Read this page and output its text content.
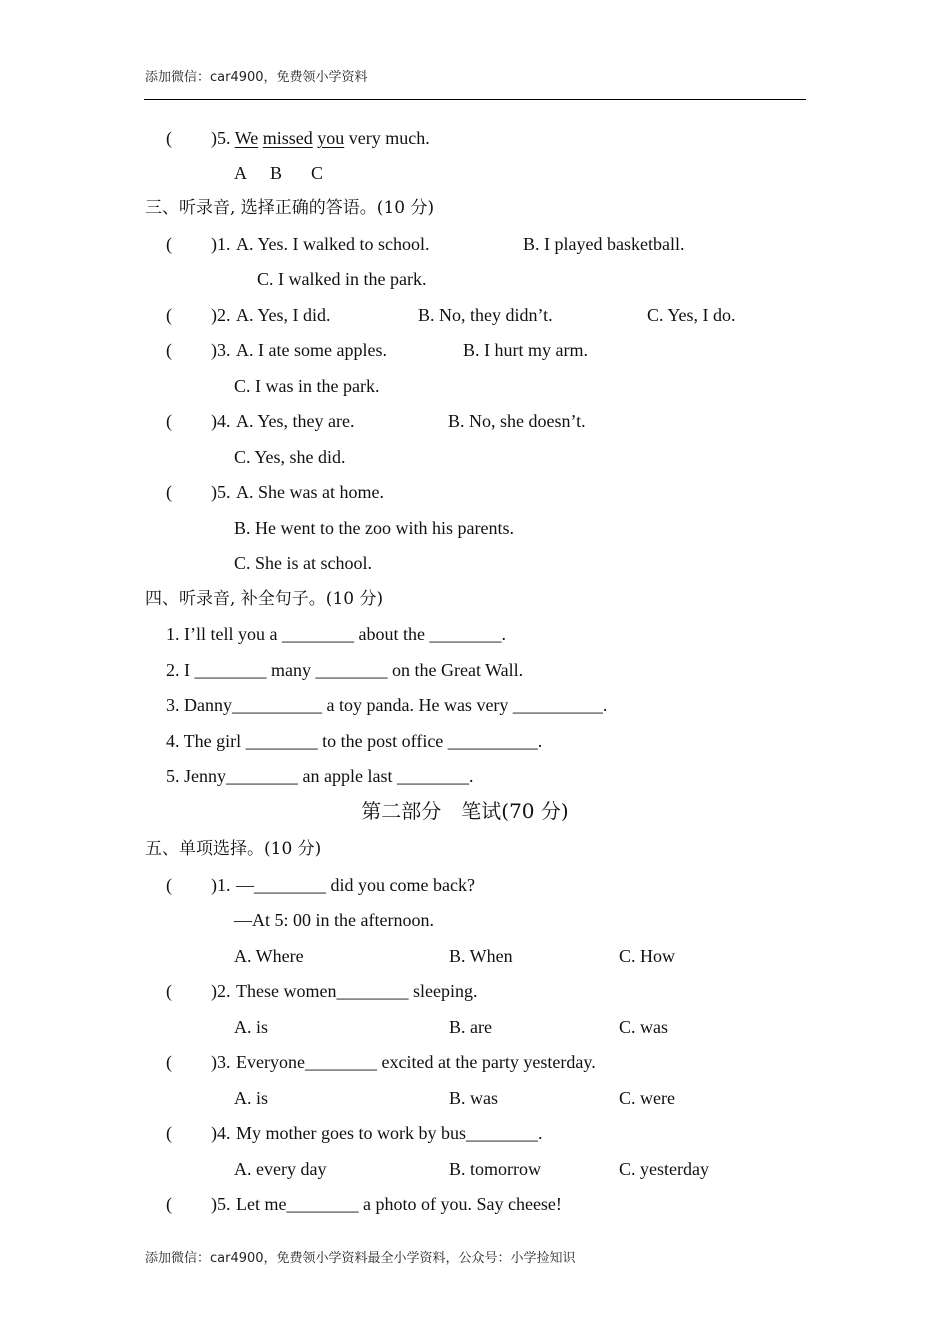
添加微信：car4900，免费领小学资料
( )5. We missed you very much.
A B C
三、听录音, 选择正确的答语。(10 分)
( )1. A. Yes. I walked to school.	B. I played basketball.
C. I walked in the park.
( )2. A. Yes, I did.	B. No, they didn’t.	C. Yes, I do.
( )3. A. I ate some apples.	B. I hurt my arm.
C. I was in the park.
( )4. A. Yes, they are.	B. No, she doesn’t.
C. Yes, she did.
( )5. A. She was at home.
B. He went to the zoo with his parents.
C. She is at school.
四、听录音, 补全句子。(10 分)
1. I’ll tell you a ________ about the ________.
2. I ________ many ________ on the Great Wall.
3. Danny__________ a toy panda. He was very __________.
4. The girl ________ to the post office __________.
5. Jenny________ an apple last ________.
第二部分　笔试(70 分)
五、单项选择。(10 分)
( )1. —________ did you come back?
—At 5: 00 in the afternoon.
A. Where	B. When	C. How
( )2. These women________ sleeping.
A. is	B. are	C. was
( )3. Everyone________ excited at the party yesterday.
A. is	B. was	C. were
( )4. My mother goes to work by bus________.
A. every day	B. tomorrow	C. yesterday
( )5. Let me________ a photo of you. Say cheese!
添加微信：car4900，免费领小学资料最全小学资料，公众号：小学捡知识
